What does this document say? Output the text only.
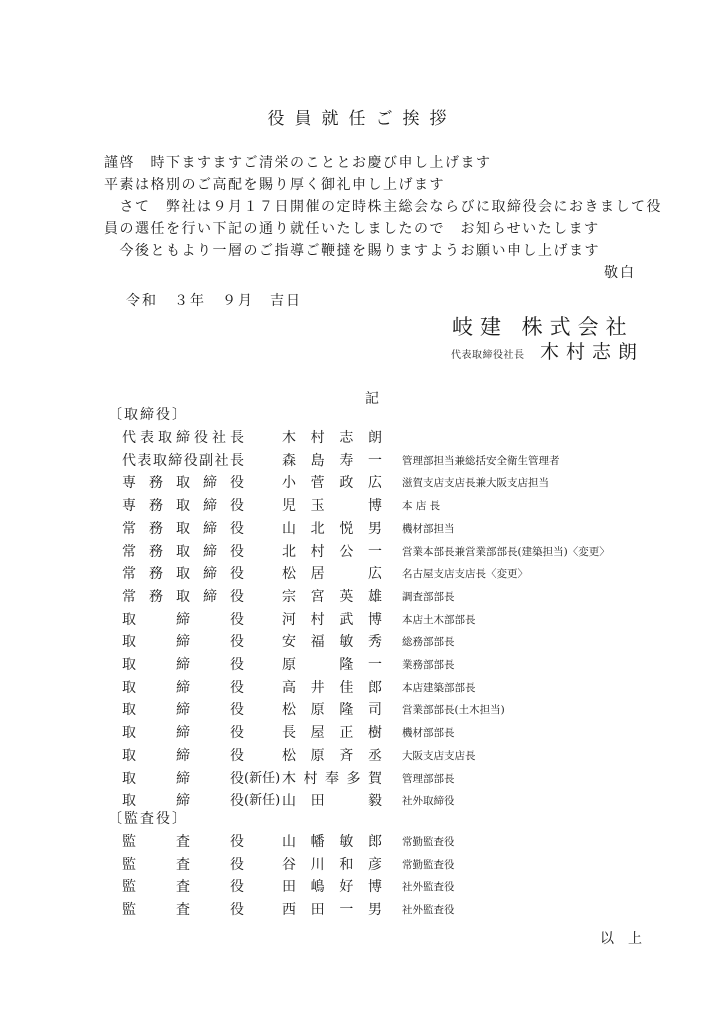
役員就任ご挨拶
謹啓　時下ますますご清栄のこととお慶び申し上げます
平素は格別のご高配を賜り厚く御礼申し上げます
　さて　弊社は９月１７日開催の定時株主総会ならびに取締役会におきまして役
員の選任を行い下記の通り就任いたしましたので　お知らせいたします
　今後ともより一層のご指導ご鞭撻を賜りますようお願い申し上げます
敬白
令和　３年　９月　吉日
岐建 株式会社
代表取締役社長 木村志朗
記
〔取締役〕
代表取締役社長	木村志朗
代表取締役副社長	森島寿一 管理部担当兼総括安全衛生管理者
専務取締役	小菅政広 滋賀支店支店長兼大阪支店担当
専務取締役	児玉　博 本 店 長
常務取締役	山北悦男 機材部担当
常務取締役	北村公一 営業本部長兼営業部部長(建築担当)〈変更〉
常務取締役	松居　広 名古屋支店支店長〈変更〉
常務取締役	宗宮英雄 調査部部長
取締役	河村武博 本店土木部部長
取締役	安福敏秀 総務部部長
取締役	原　隆一 業務部部長
取締役	高井佳郎 本店建築部部長
取締役	松原隆司 営業部部長(土木担当)
取締役	長屋正樹 機材部部長
取締役	松原斉丞 大阪支店支店長
取締役 (新任) 木村奉多賀 管理部部長
取締役 (新任) 山田　毅 社外取締役
〔監査役〕
監査役	山幡敏郎 常勤監査役
監査役	谷川和彦 常勤監査役
監査役	田嶋好博 社外監査役
監査役	西田一男 社外監査役
以上
